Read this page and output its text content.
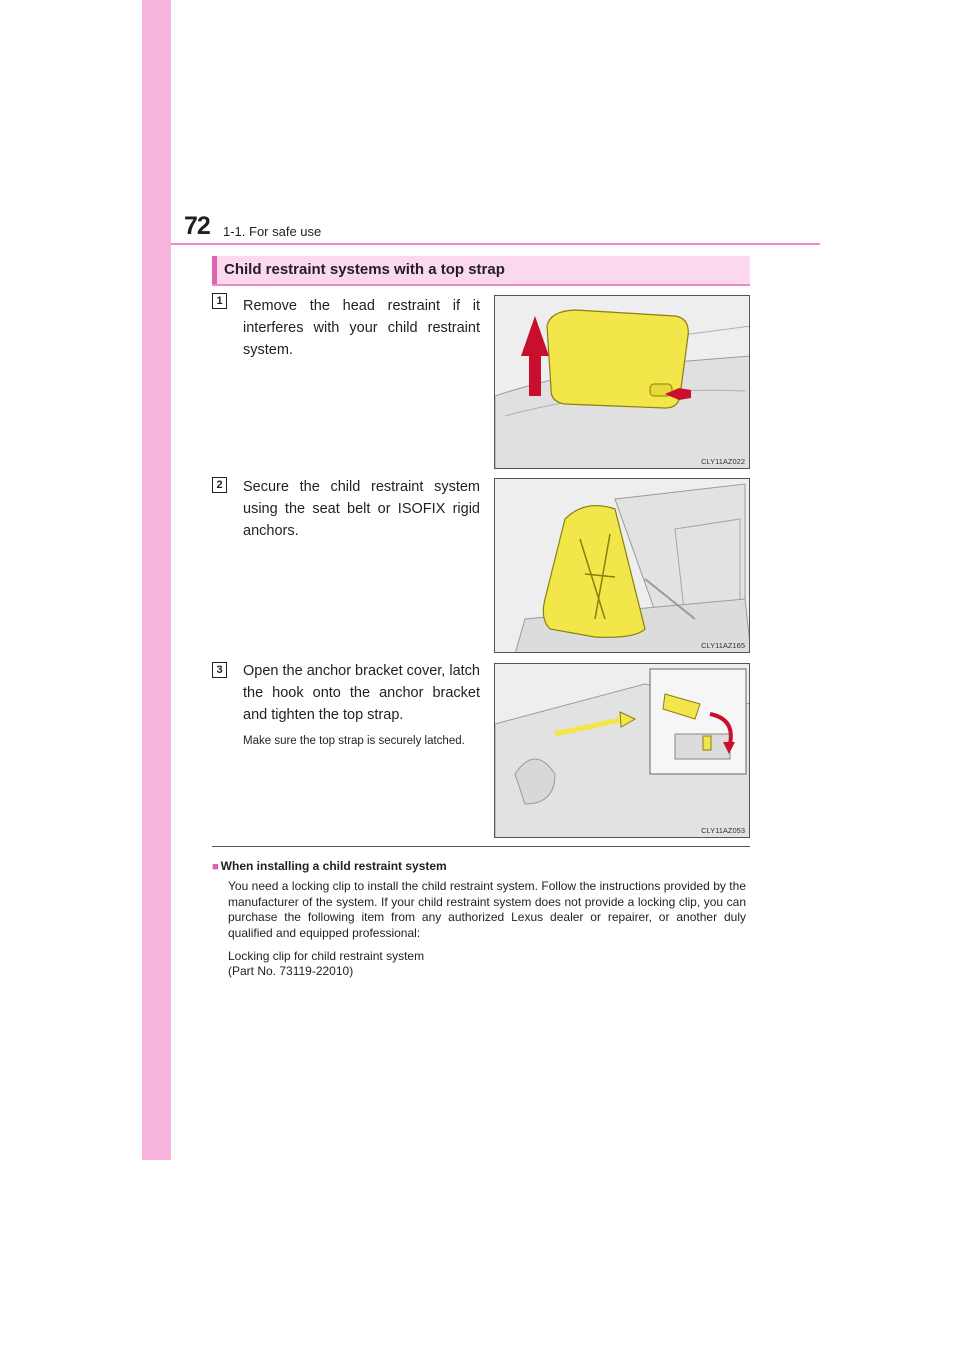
72 1-1. For safe use
Child restraint systems with a top strap
1	Remove the head restraint if it interferes with your child restraint system.
CLY11AZ022
2	Secure the child restraint system using the seat belt or ISOFIX rigid anchors.
CLY11AZ165
3	Open the anchor bracket cover, latch the hook onto the anchor bracket and tighten the top strap.
Make sure the top strap is securely latched.
CLY11AZ053
■ When installing a child restraint system
You need a locking clip to install the child restraint system. Follow the instructions provided by the manufacturer of the system. If your child restraint system does not provide a locking clip, you can purchase the following item from any authorized Lexus dealer or repairer, or another duly qualified and equipped professional:
Locking clip for child restraint system
(Part No. 73119-22010)
